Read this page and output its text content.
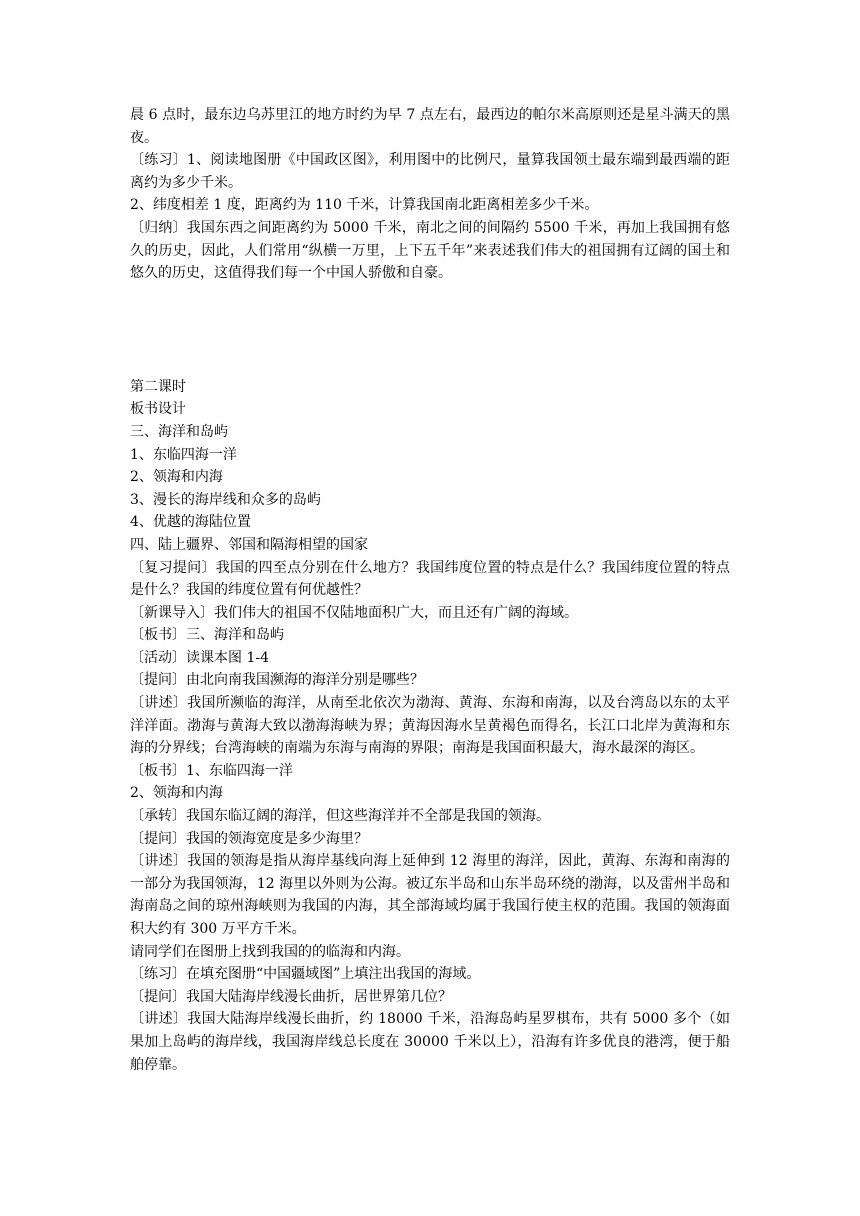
晨 6 点时，最东边乌苏里江的地方时约为早 7 点左右，最西边的帕尔米高原则还是星斗满天的黑夜。

〔练习〕1、阅读地图册《中国政区图》，利用图中的比例尺，量算我国领土最东端到最西端的距离约为多少千米。

2、纬度相差 1 度，距离约为 110 千米，计算我国南北距离相差多少千米。

〔归纳〕我国东西之间距离约为 5000 千米，南北之间的间隔约 5500 千米，再加上我国拥有悠久的历史，因此，人们常用“纵横一万里，上下五千年”来表述我们伟大的祖国拥有辽阔的国土和悠久的历史，这值得我们每一个中国人骄傲和自豪。

第二课时

板书设计

三、海洋和岛屿

1、东临四海一洋

2、领海和内海

3、漫长的海岸线和众多的岛屿

4、优越的海陆位置

四、陆上疆界、邻国和隔海相望的国家

〔复习提问〕我国的四至点分别在什么地方？我国纬度位置的特点是什么？我国纬度位置的特点是什么？我国的纬度位置有何优越性？

〔新课导入〕我们伟大的祖国不仅陆地面积广大，而且还有广阔的海域。

〔板书〕三、海洋和岛屿

〔活动〕读课本图 1-4

〔提问〕由北向南我国濒海的海洋分别是哪些？

〔讲述〕我国所濒临的海洋，从南至北依次为渤海、黄海、东海和南海，以及台湾岛以东的太平洋洋面。渤海与黄海大致以渤海海峡为界；黄海因海水呈黄褐色而得名，长江口北岸为黄海和东海的分界线；台湾海峡的南端为东海与南海的界限；南海是我国面积最大，海水最深的海区。

〔板书〕1、东临四海一洋

2、领海和内海

〔承转〕我国东临辽阔的海洋，但这些海洋并不全部是我国的领海。

〔提问〕我国的领海宽度是多少海里？

〔讲述〕我国的领海是指从海岸基线向海上延伸到 12 海里的海洋，因此，黄海、东海和南海的一部分为我国领海，12 海里以外则为公海。被辽东半岛和山东半岛环绕的渤海，以及雷州半岛和海南岛之间的琼州海峡则为我国的内海，其全部海域均属于我国行使主权的范围。我国的领海面积大约有 300 万平方千米。

请同学们在图册上找到我国的的临海和内海。

〔练习〕在填充图册“中国疆域图”上填注出我国的海域。

〔提问〕我国大陆海岸线漫长曲折，居世界第几位？

〔讲述〕我国大陆海岸线漫长曲折，约 18000 千米，沿海岛屿星罗棋布，共有 5000 多个（如果加上岛屿的海岸线，我国海岸线总长度在 30000 千米以上），沿海有许多优良的港湾，便于船舶停靠。
